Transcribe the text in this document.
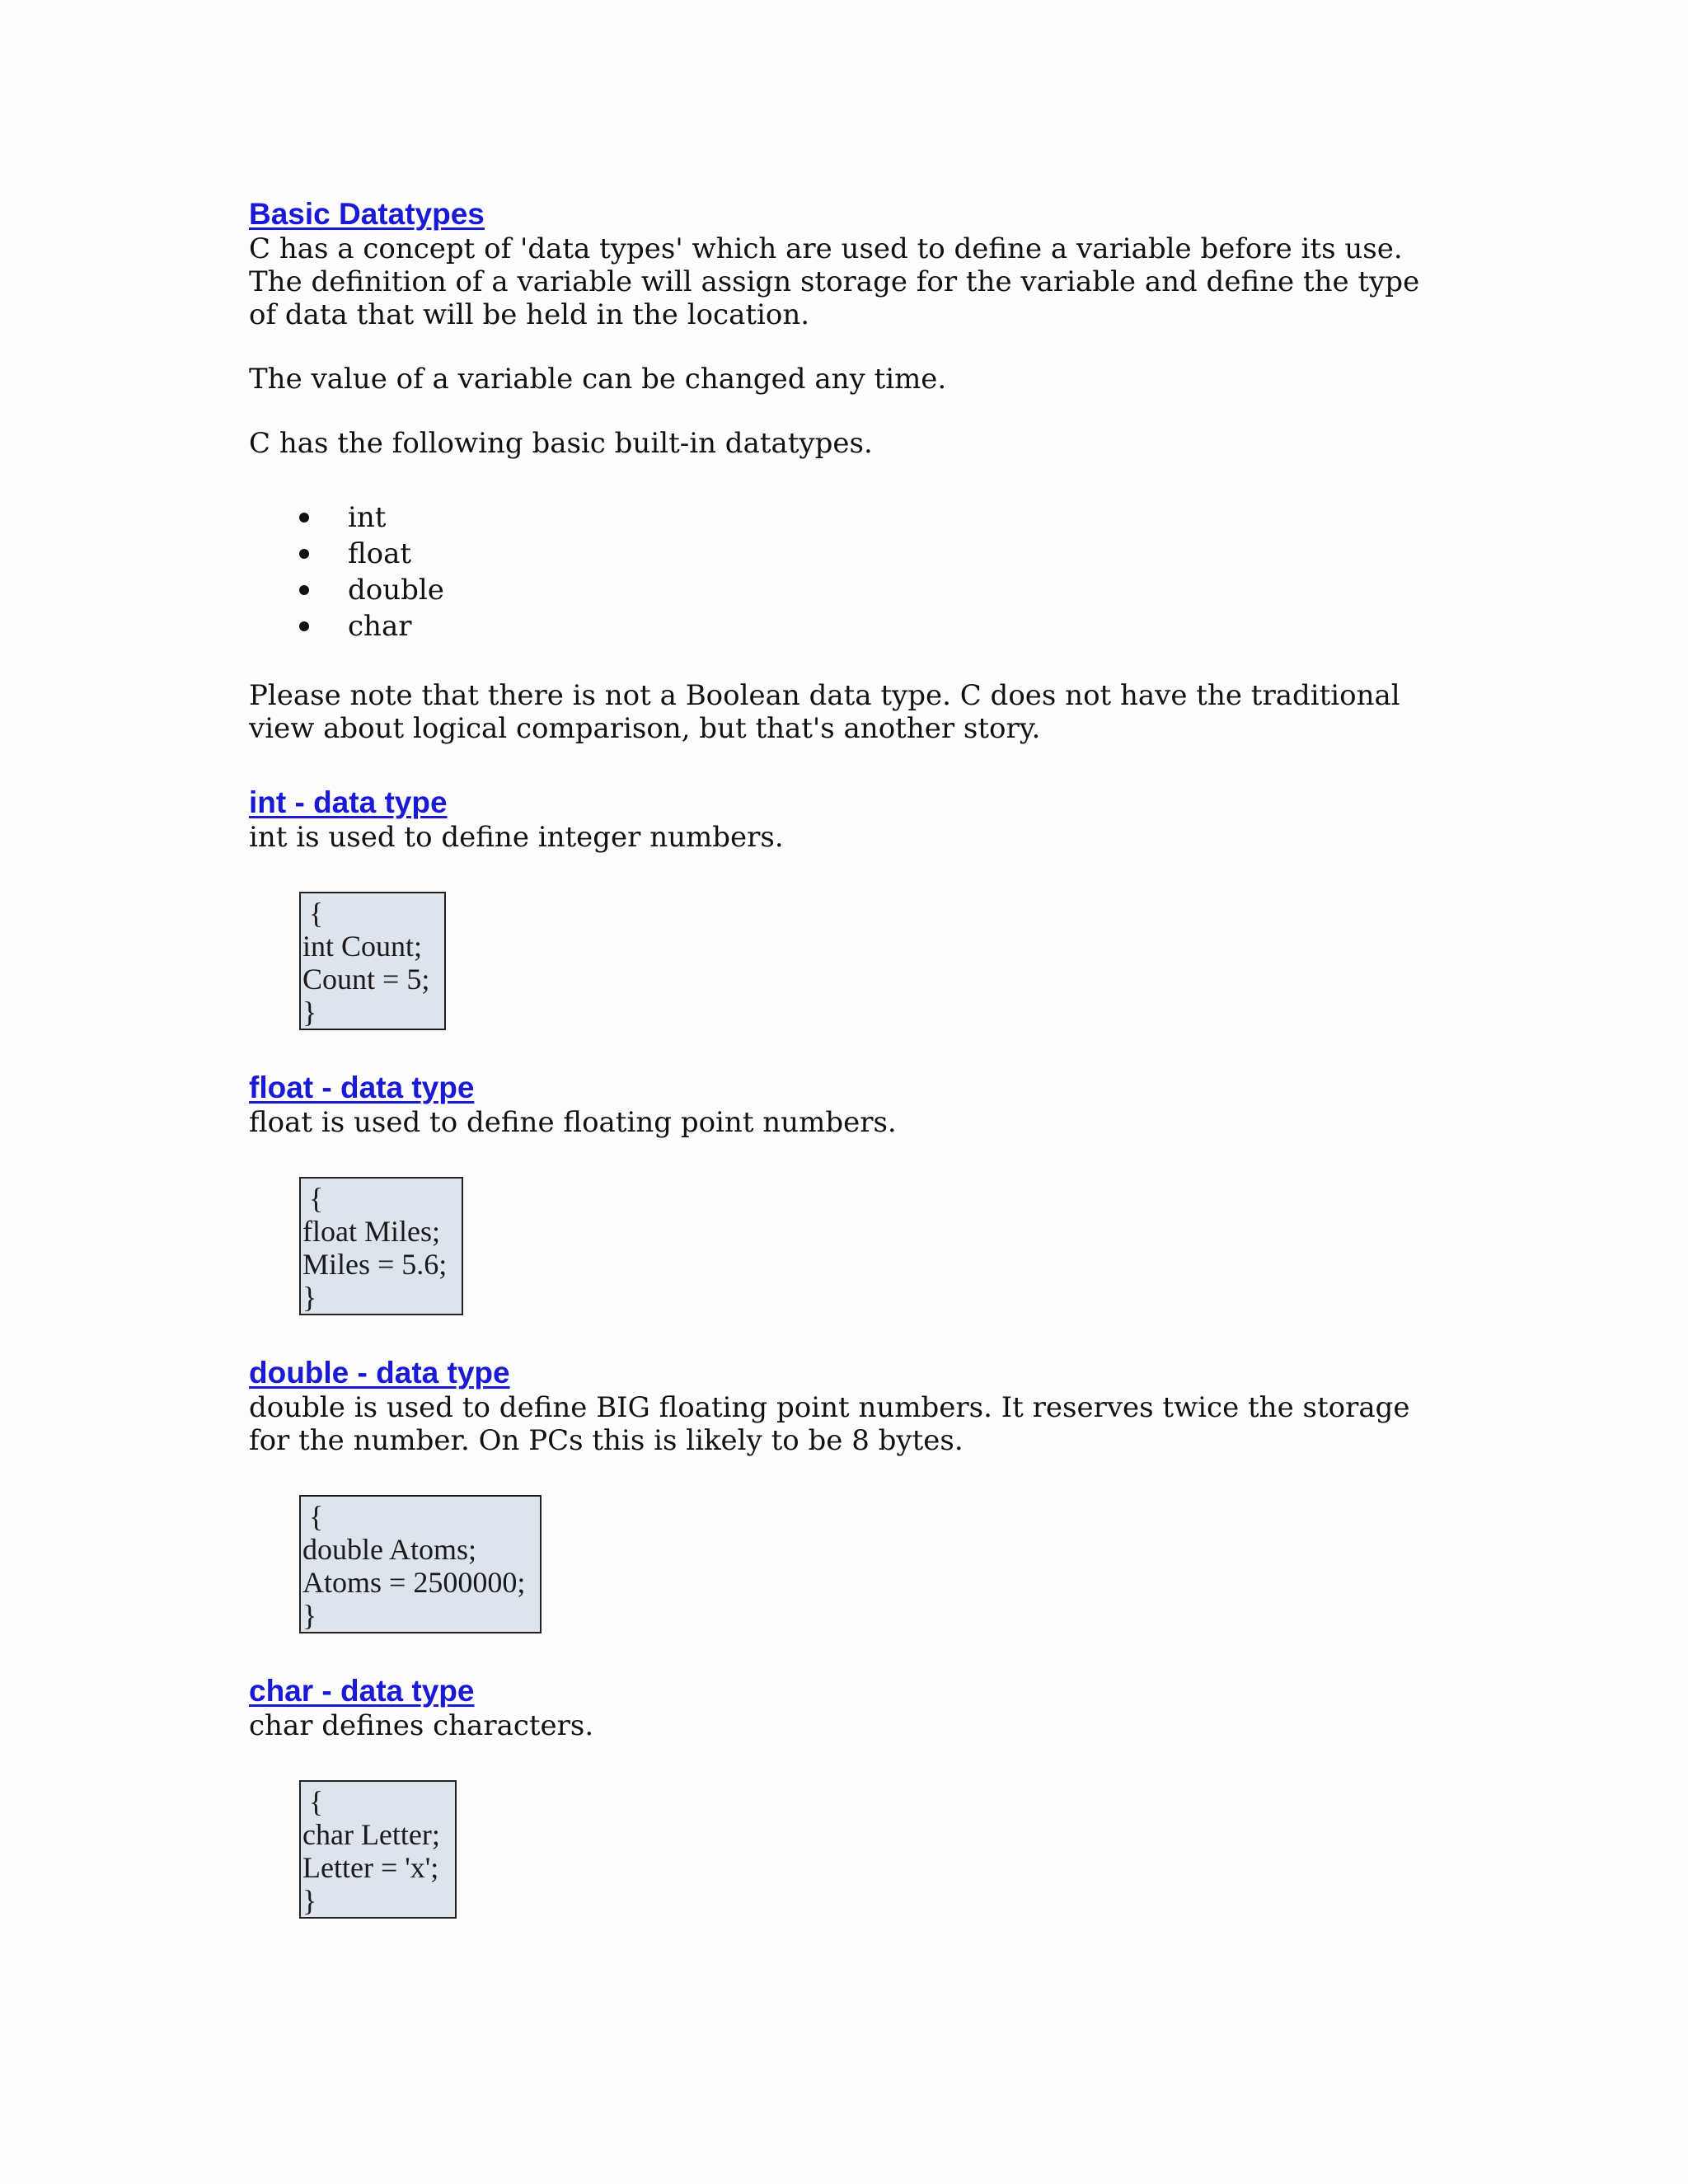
Basic Datatypes

C has a concept of 'data types' which are used to define a variable before its use. The definition of a variable will assign storage for the variable and define the type of data that will be held in the location.

The value of a variable can be changed any time.

C has the following basic built-in datatypes.

int
float
double
char

Please note that there is not a Boolean data type. C does not have the traditional view about logical comparison, but that's another story.

int - data type

int is used to define integer numbers.

{
int Count;
Count = 5;
}
float - data type

float is used to define floating point numbers.

{
float Miles;
Miles = 5.6;
}
double - data type

double is used to define BIG floating point numbers. It reserves twice the storage for the number. On PCs this is likely to be 8 bytes.

{
double Atoms;
Atoms = 2500000;
}
char - data type

char defines characters.

{
char Letter;
Letter = 'x';
}
